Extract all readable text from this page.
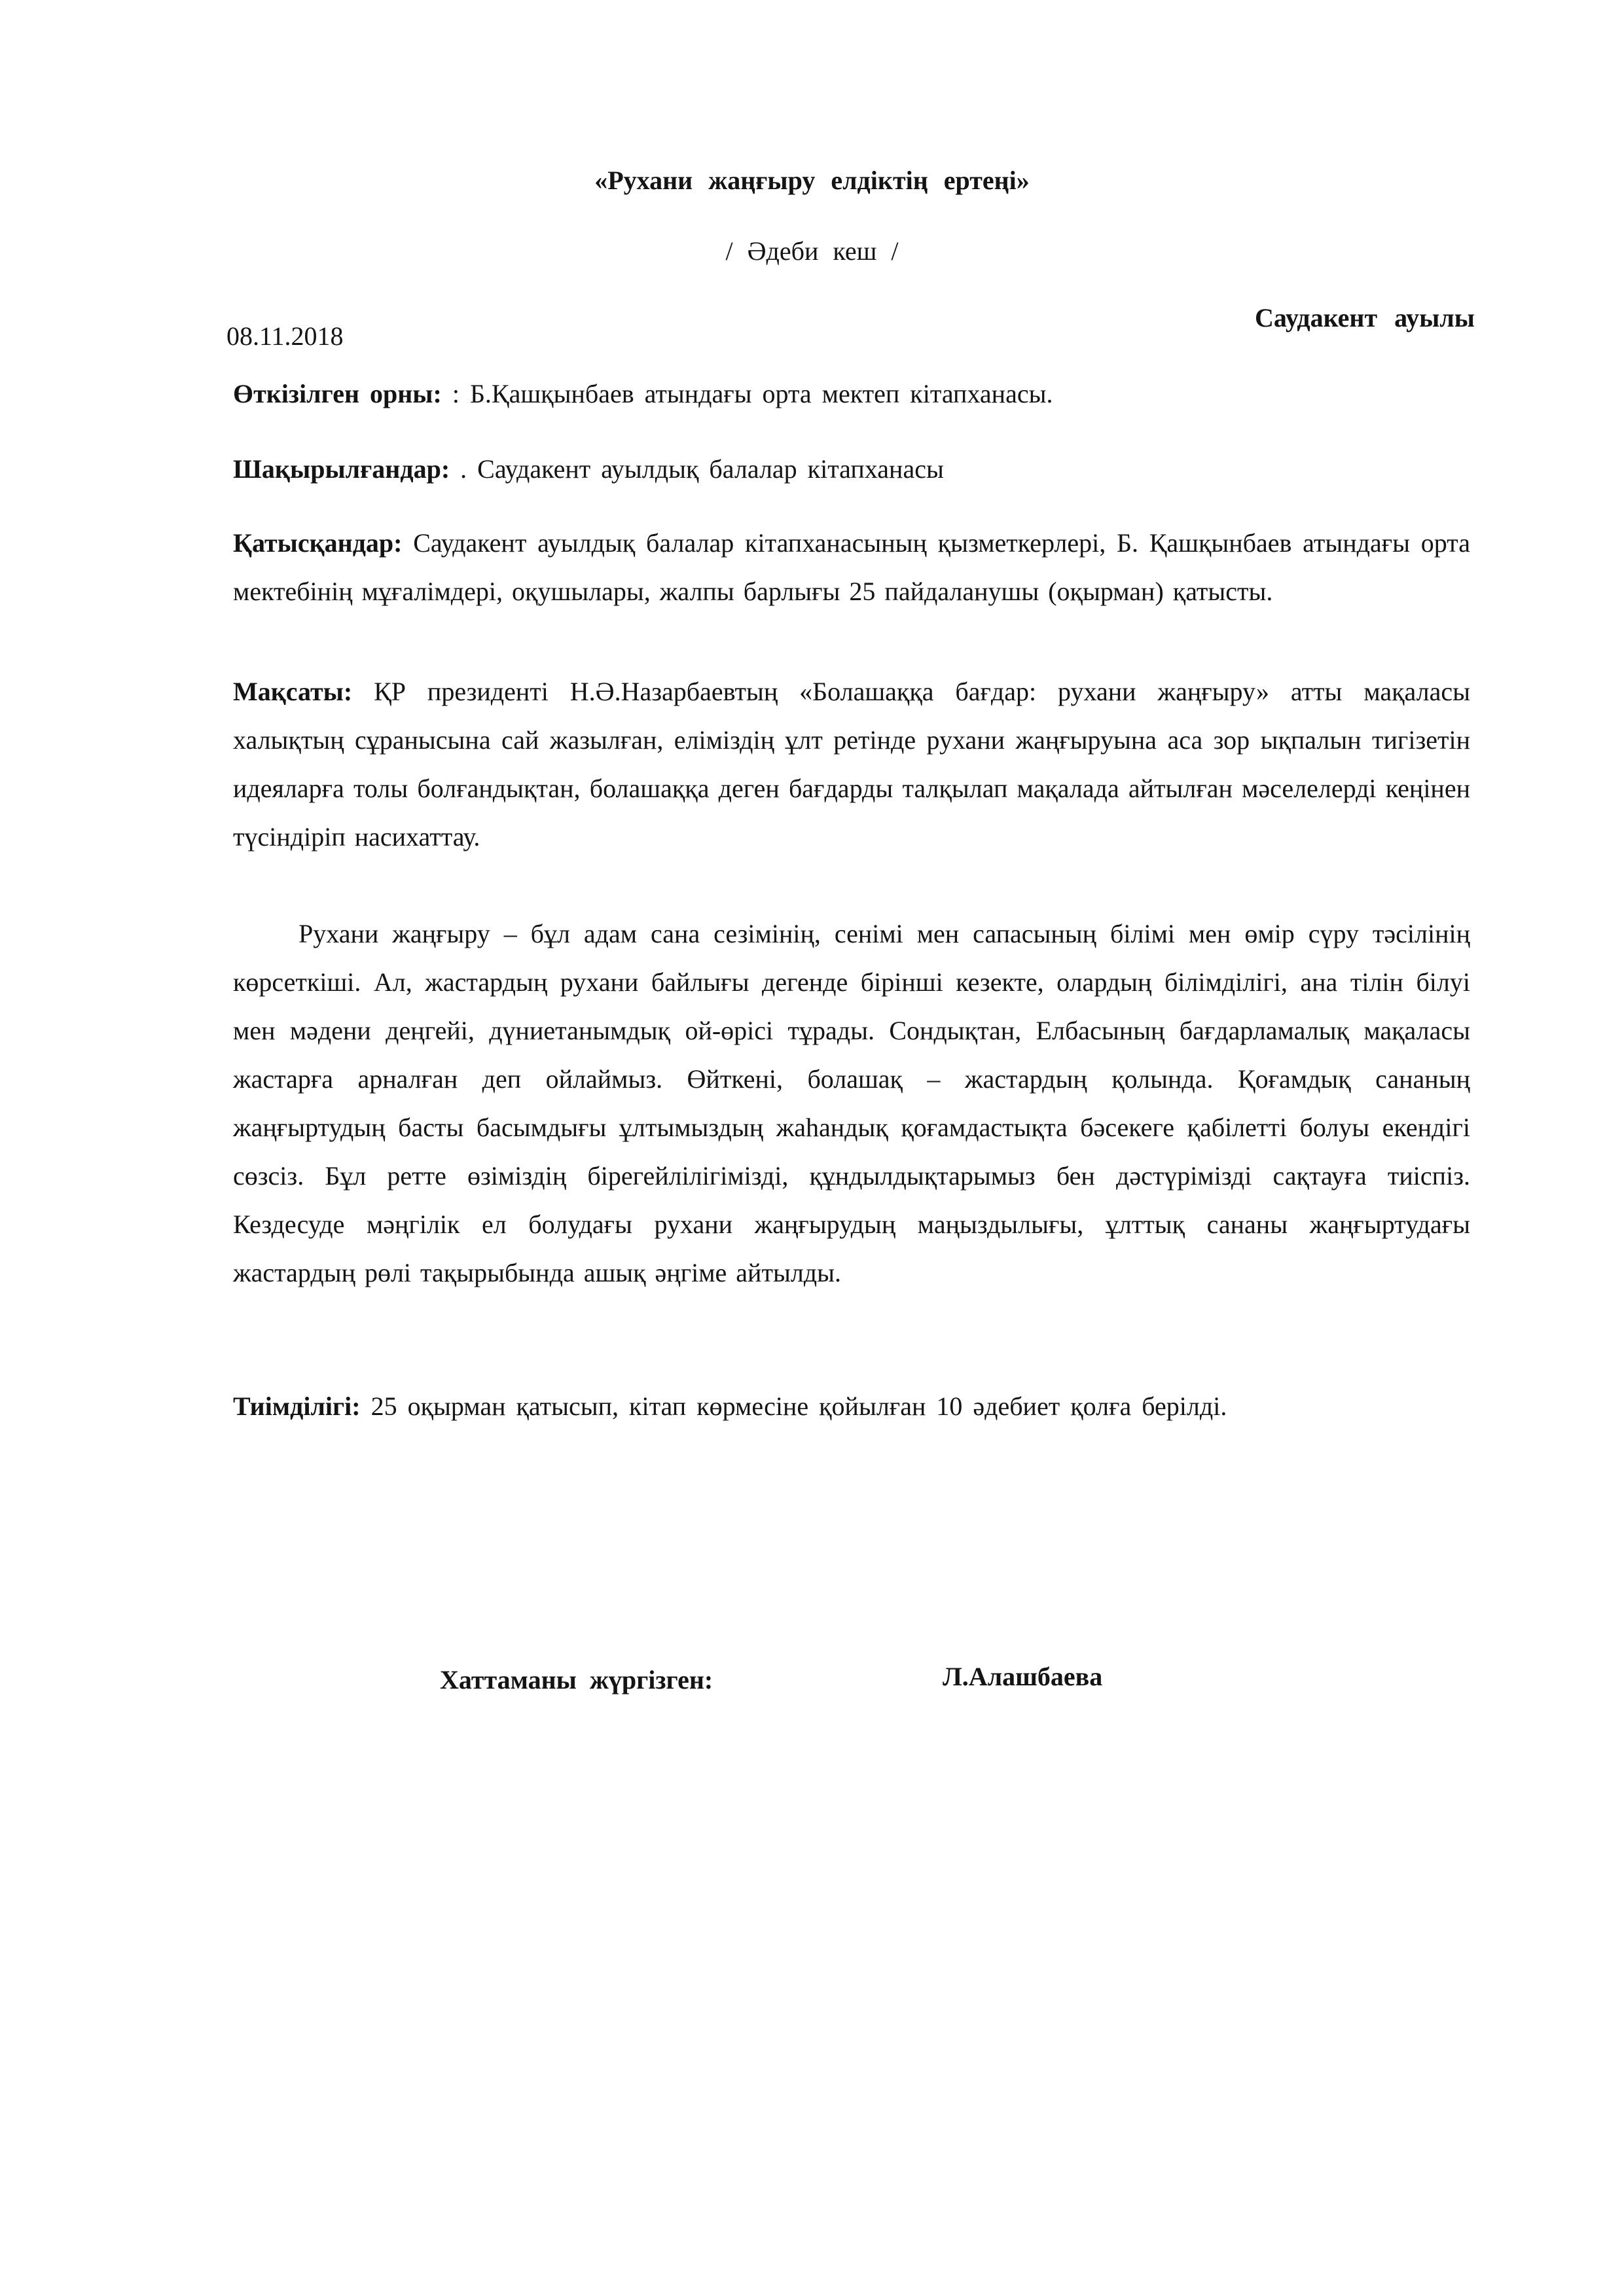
«Рухани жаңғыру елдіктің ертеңі»
/ Әдеби кеш /
08.11.2018
Саудакент ауылы
Өткізілген орны: : Б.Қашқынбаев атындағы орта мектеп кітапханасы.
Шақырылғандар: . Саудакент ауылдық балалар кітапханасы
Қатысқандар: Саудакент ауылдық балалар кітапханасының қызметкерлері, Б. Қашқынбаев атындағы орта мектебінің мұғалімдері, оқушылары, жалпы барлығы 25 пайдаланушы (оқырман) қатысты.
Мақсаты: ҚР президенті Н.Ә.Назарбаевтың «Болашаққа бағдар: рухани жаңғыру» атты мақаласы халықтың сұранысына сай жазылған, еліміздің ұлт ретінде рухани жаңғыруына аса зор ықпалын тигізетін идеяларға толы болғандықтан, болашаққа деген бағдарды талқылап мақалада айтылған мәселелерді кеңінен түсіндіріп насихаттау.
Рухани жаңғыру – бұл адам сана сезімінің, сенімі мен сапасының білімі мен өмір сүру тәсілінің көрсеткіші. Ал, жастардың рухани байлығы дегенде бірінші кезекте, олардың білімділігі, ана тілін білуі мен мәдени деңгейі, дүниетанымдық ой-өрісі тұрады. Сондықтан, Елбасының бағдарламалық мақаласы жастарға арналған деп ойлаймыз. Өйткені, болашақ – жастардың қолында. Қоғамдық сананың жаңғыртудың басты басымдығы ұлтымыздың жаһандық қоғамдастықта бәсекеге қабілетті болуы екендігі сөзсіз. Бұл ретте өзіміздің бірегейлілігімізді, құндылдықтарымыз бен дәстүрімізді сақтауға тиіспіз. Кездесуде мәңгілік ел болудағы рухани жаңғырудың маңыздылығы, ұлттық сананы жаңғыртудағы жастардың рөлі тақырыбында ашық әңгіме айтылды.
Тиімділігі: 25 оқырман қатысып, кітап көрмесіне қойылған 10 әдебиет қолға берілді.
Хаттаманы жүргізген:	Л.Алашбаева
